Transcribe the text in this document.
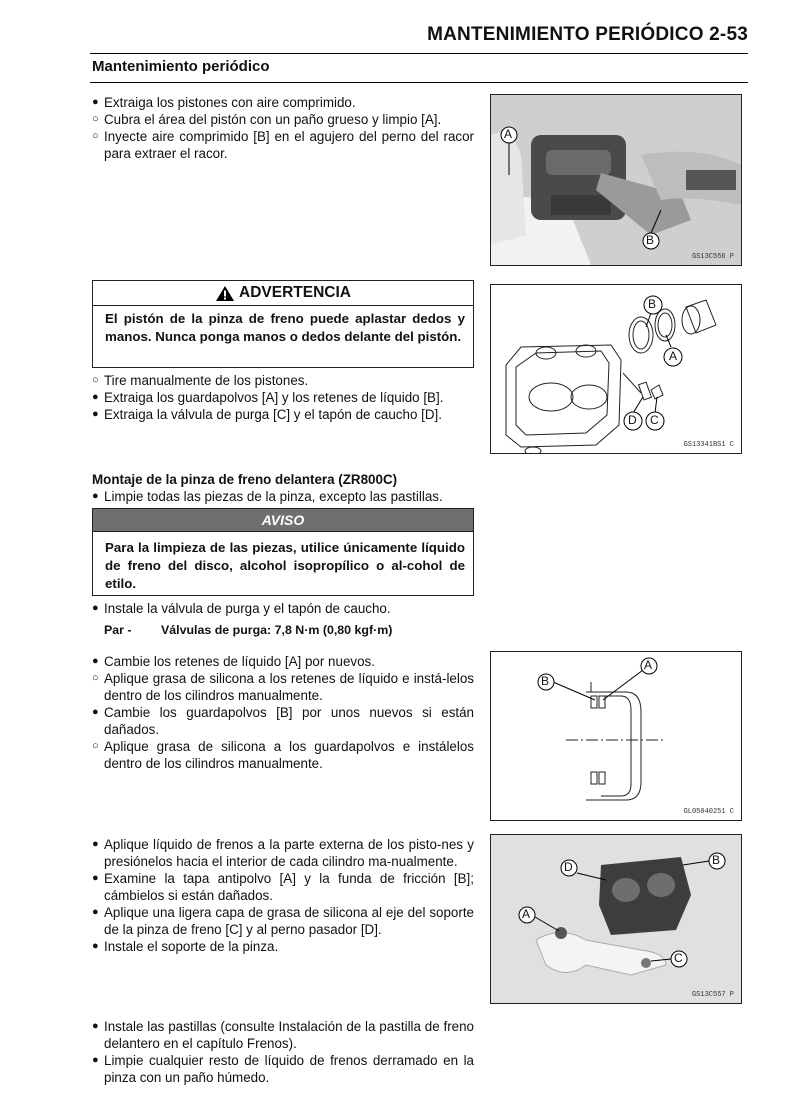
MANTENIMIENTO PERIÓDICO 2-53
Mantenimiento periódico
● Extraiga los pistones con aire comprimido.
○ Cubra el área del pistón con un paño grueso y limpio [A].
○ Inyecte aire comprimido [B] en el agujero del perno del racor para extraer el racor.
ADVERTENCIA
El pistón de la pinza de freno puede aplastar dedos y manos. Nunca ponga manos o dedos delante del pistón.
○ Tire manualmente de los pistones.
● Extraiga los guardapolvos [A] y los retenes de líquido [B].
● Extraiga la válvula de purga [C] y el tapón de caucho [D].
Montaje de la pinza de freno delantera (ZR800C)
● Limpie todas las piezas de la pinza, excepto las pastillas.
AVISO
Para la limpieza de las piezas, utilice únicamente líquido de freno del disco, alcohol isopropílico o al-cohol de etilo.
● Instale la válvula de purga y el tapón de caucho.
Par - Válvulas de purga: 7,8 N·m (0,80 kgf·m)
● Cambie los retenes de líquido [A] por nuevos.
○ Aplique grasa de silicona a los retenes de líquido e instá-lelos dentro de los cilindros manualmente.
● Cambie los guardapolvos [B] por unos nuevos si están dañados.
○ Aplique grasa de silicona a los guardapolvos e instálelos dentro de los cilindros manualmente.
● Aplique líquido de frenos a la parte externa de los pisto-nes y presiónelos hacia el interior de cada cilindro ma-nualmente.
● Examine la tapa antipolvo [A] y la funda de fricción [B]; cámbielos si están dañados.
● Aplique una ligera capa de grasa de silicona al eje del soporte de la pinza de freno [C] y al perno pasador [D].
● Instale el soporte de la pinza.
● Instale las pastillas (consulte Instalación de la pastilla de freno delantero en el capítulo Frenos).
● Limpie cualquier resto de líquido de frenos derramado en la pinza con un paño húmedo.
A
B
GS13C556 P
B
A
D C
GS13341BS1 C
B
A
GL05040251 C
D	B
A
C
GS13C557 P
